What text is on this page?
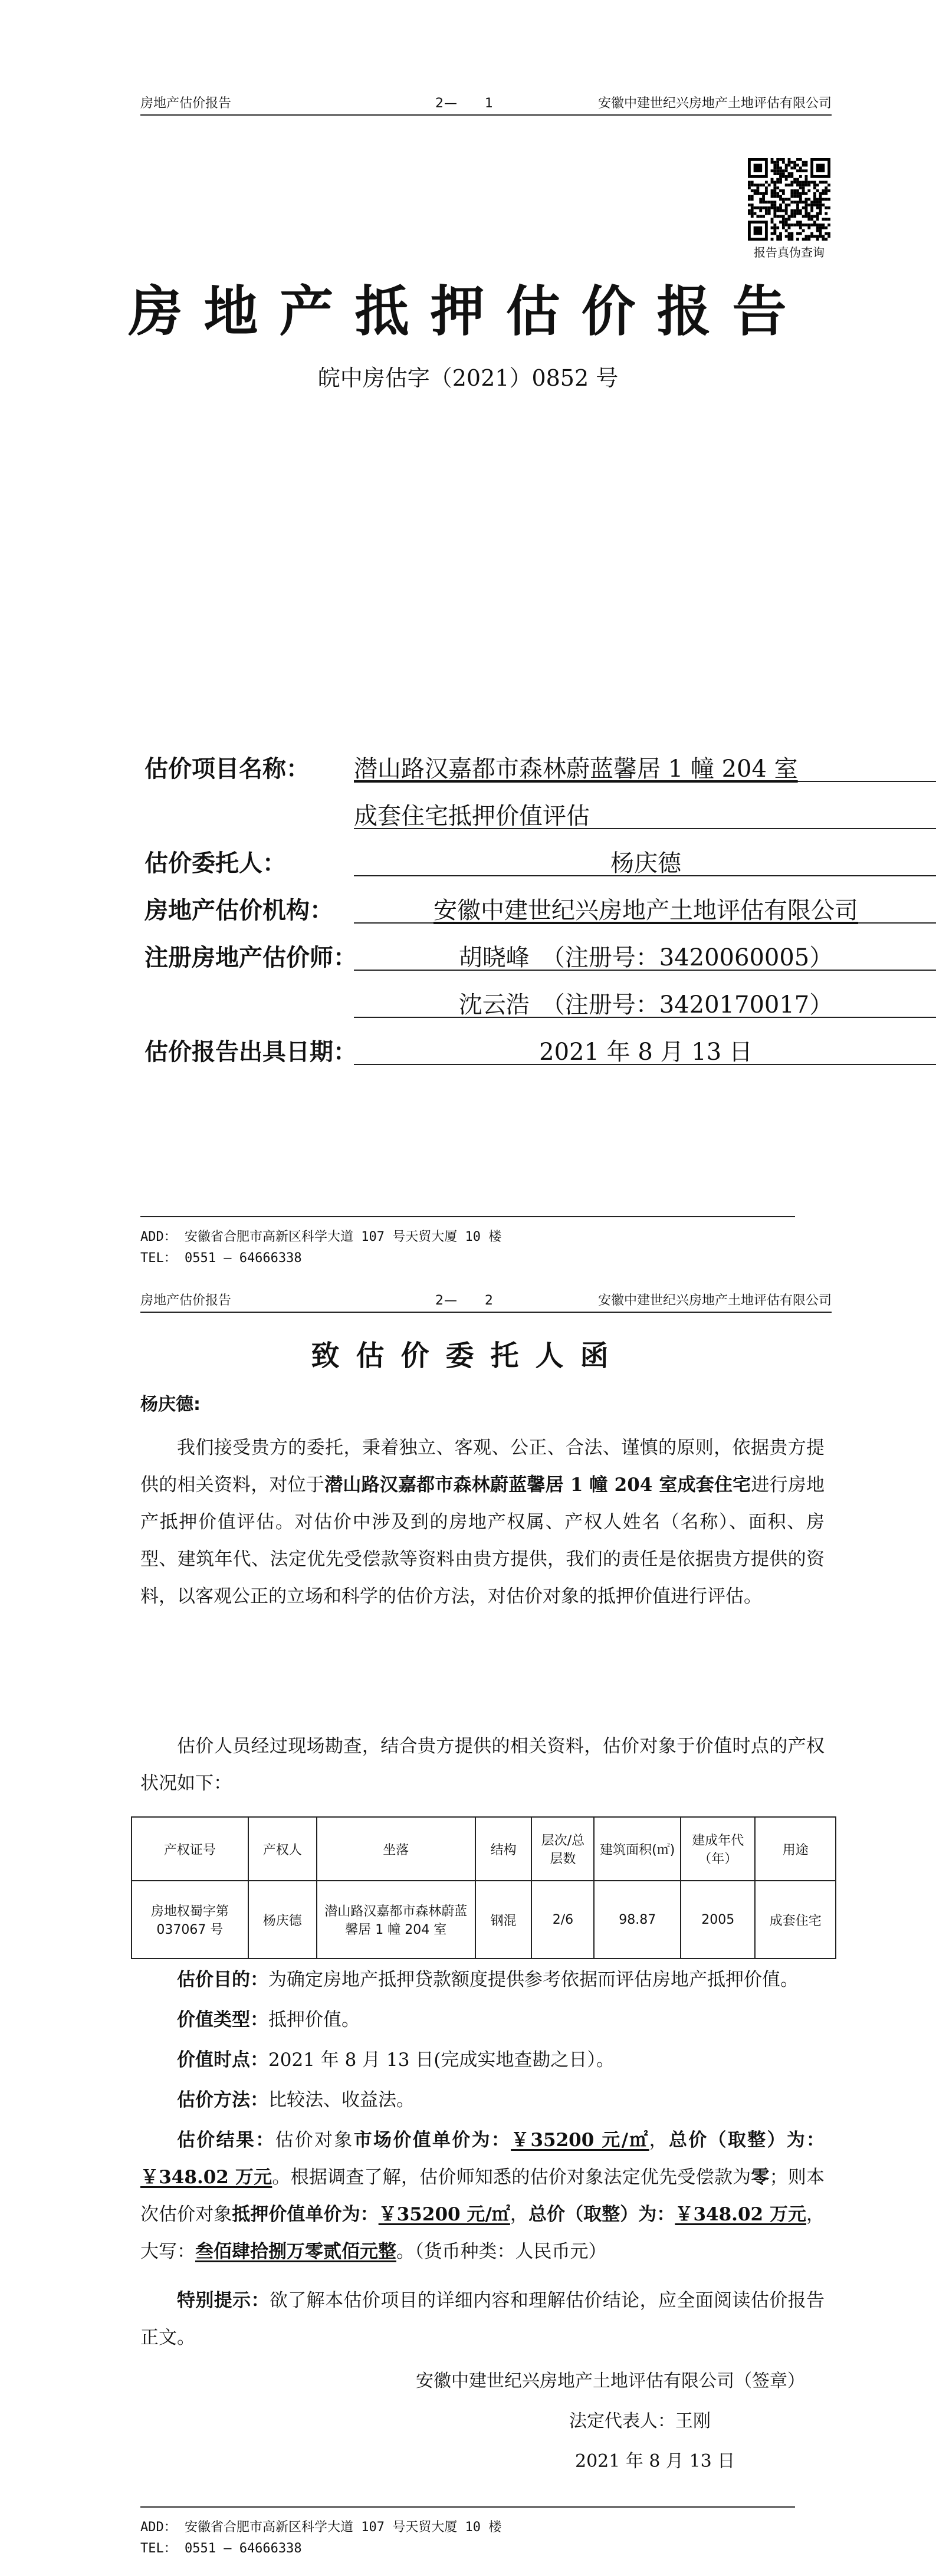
房地产估价报告	2—　　1	安徽中建世纪兴房地产土地评估有限公司
报告真伪查询
房地产抵押估价报告
皖中房估字（2021）0852 号
估价项目名称： 潜山路汉嘉都市森林蔚蓝馨居 1 幢 204 室
成套住宅抵押价值评估
估价委托人：	杨庆德
房地产估价机构：	安徽中建世纪兴房地产土地评估有限公司
注册房地产估价师：	胡晓峰　（注册号：3420060005）
沈云浩　（注册号：3420170017）
估价报告出具日期：	2021 年 8 月 13 日
ADD： 安徽省合肥市高新区科学大道 107 号天贸大厦 10 楼
TEL： 0551 — 64666338
房地产估价报告	2—　　2	安徽中建世纪兴房地产土地评估有限公司
致估价委托人函
杨庆德:
我们接受贵方的委托，秉着独立、客观、公正、合法、谨慎的原则，依据贵方提供的相关资料，对位于潜山路汉嘉都市森林蔚蓝馨居 1 幢 204 室成套住宅进行房地产抵押价值评估。对估价中涉及到的房地产权属、产权人姓名（名称）、面积、房型、建筑年代、法定优先受偿款等资料由贵方提供，我们的责任是依据贵方提供的资料，以客观公正的立场和科学的估价方法，对估价对象的抵押价值进行评估。
估价人员经过现场勘查，结合贵方提供的相关资料，估价对象于价值时点的产权状况如下：
产权证号	产权人	坐落	结构	层次/总层数	建筑面积(㎡)	建成年代（年）	用途
房地权蜀字第 037067 号	杨庆德	潜山路汉嘉都市森林蔚蓝馨居 1 幢 204 室	钢混	2/6	98.87	2005	成套住宅
估价目的：为确定房地产抵押贷款额度提供参考依据而评估房地产抵押价值。
价值类型：抵押价值。
价值时点：2021 年 8 月 13 日(完成实地查勘之日）。
估价方法：比较法、收益法。
估价结果：估价对象市场价值单价为：￥35200 元/㎡，总价（取整）为：￥348.02 万元。根据调查了解，估价师知悉的估价对象法定优先受偿款为零；则本次估价对象抵押价值单价为：￥35200 元/㎡，总价（取整）为：￥348.02 万元，大写：叁佰肆拾捌万零贰佰元整。（货币种类：人民币元）
特别提示：欲了解本估价项目的详细内容和理解估价结论，应全面阅读估价报告正文。
安徽中建世纪兴房地产土地评估有限公司（签章）
法定代表人：王刚
2021 年 8 月 13 日
ADD： 安徽省合肥市高新区科学大道 107 号天贸大厦 10 楼
TEL： 0551 — 64666338
